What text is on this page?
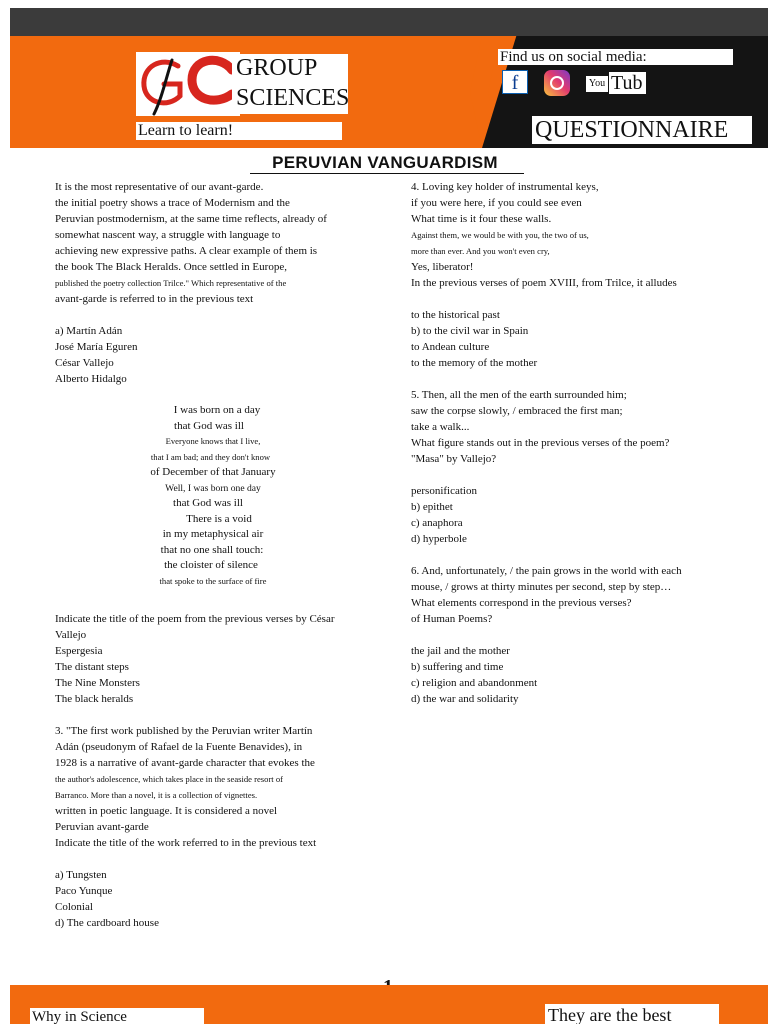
GROUP
SCIENCES
Learn to learn!
Find us on social media:
f	You Tub
QUESTIONNAIRE
PERUVIAN VANGUARDISM

It is the most representative of our avant-garde.

the initial poetry shows a trace of Modernism and the

Peruvian postmodernism, at the same time reflects, already of

somewhat nascent way, a struggle with language to

achieving new expressive paths. A clear example of them is

the book The Black Heralds. Once settled in Europe,

published the poetry collection Trilce." Which representative of the

avant-garde is referred to in the previous text

a) Martín Adán

José María Eguren

César Vallejo

Alberto Hidalgo

I was born on a day

that God was ill

Everyone knows that I live,

that I am bad; and they don't know

of December of that January

Well, I was born one day

that God was ill

There is a void

in my metaphysical air

that no one shall touch:

the cloister of silence

that spoke to the surface of fire

Indicate the title of the poem from the previous verses by César

Vallejo

Espergesia

The distant steps

The Nine Monsters

The black heralds

3. "The first work published by the Peruvian writer Martín

Adán (pseudonym of Rafael de la Fuente Benavides), in

1928 is a narrative of avant-garde character that evokes the

the author's adolescence, which takes place in the seaside resort of

Barranco. More than a novel, it is a collection of vignettes.

written in poetic language. It is considered a novel

Peruvian avant-garde

Indicate the title of the work referred to in the previous text

a) Tungsten

Paco Yunque

Colonial

d) The cardboard house

4. Loving key holder of instrumental keys,

if you were here, if you could see even

What time is it four these walls.

Against them, we would be with you, the two of us,

more than ever. And you won't even cry,

Yes, liberator!

In the previous verses of poem XVIII, from Trilce, it alludes

to the historical past

b) to the civil war in Spain

to Andean culture

to the memory of the mother

5. Then, all the men of the earth surrounded him;

saw the corpse slowly, / embraced the first man;

take a walk...

What figure stands out in the previous verses of the poem?

"Masa" by Vallejo?

personification

b) epithet

c) anaphora

d) hyperbole

6. And, unfortunately, / the pain grows in the world with each

mouse, / grows at thirty minutes per second, step by step…

What elements correspond in the previous verses?

of Human Poems?

the jail and the mother

b) suffering and time

c) religion and abandonment

d) the war and solidarity

Why in Science	They are the best
